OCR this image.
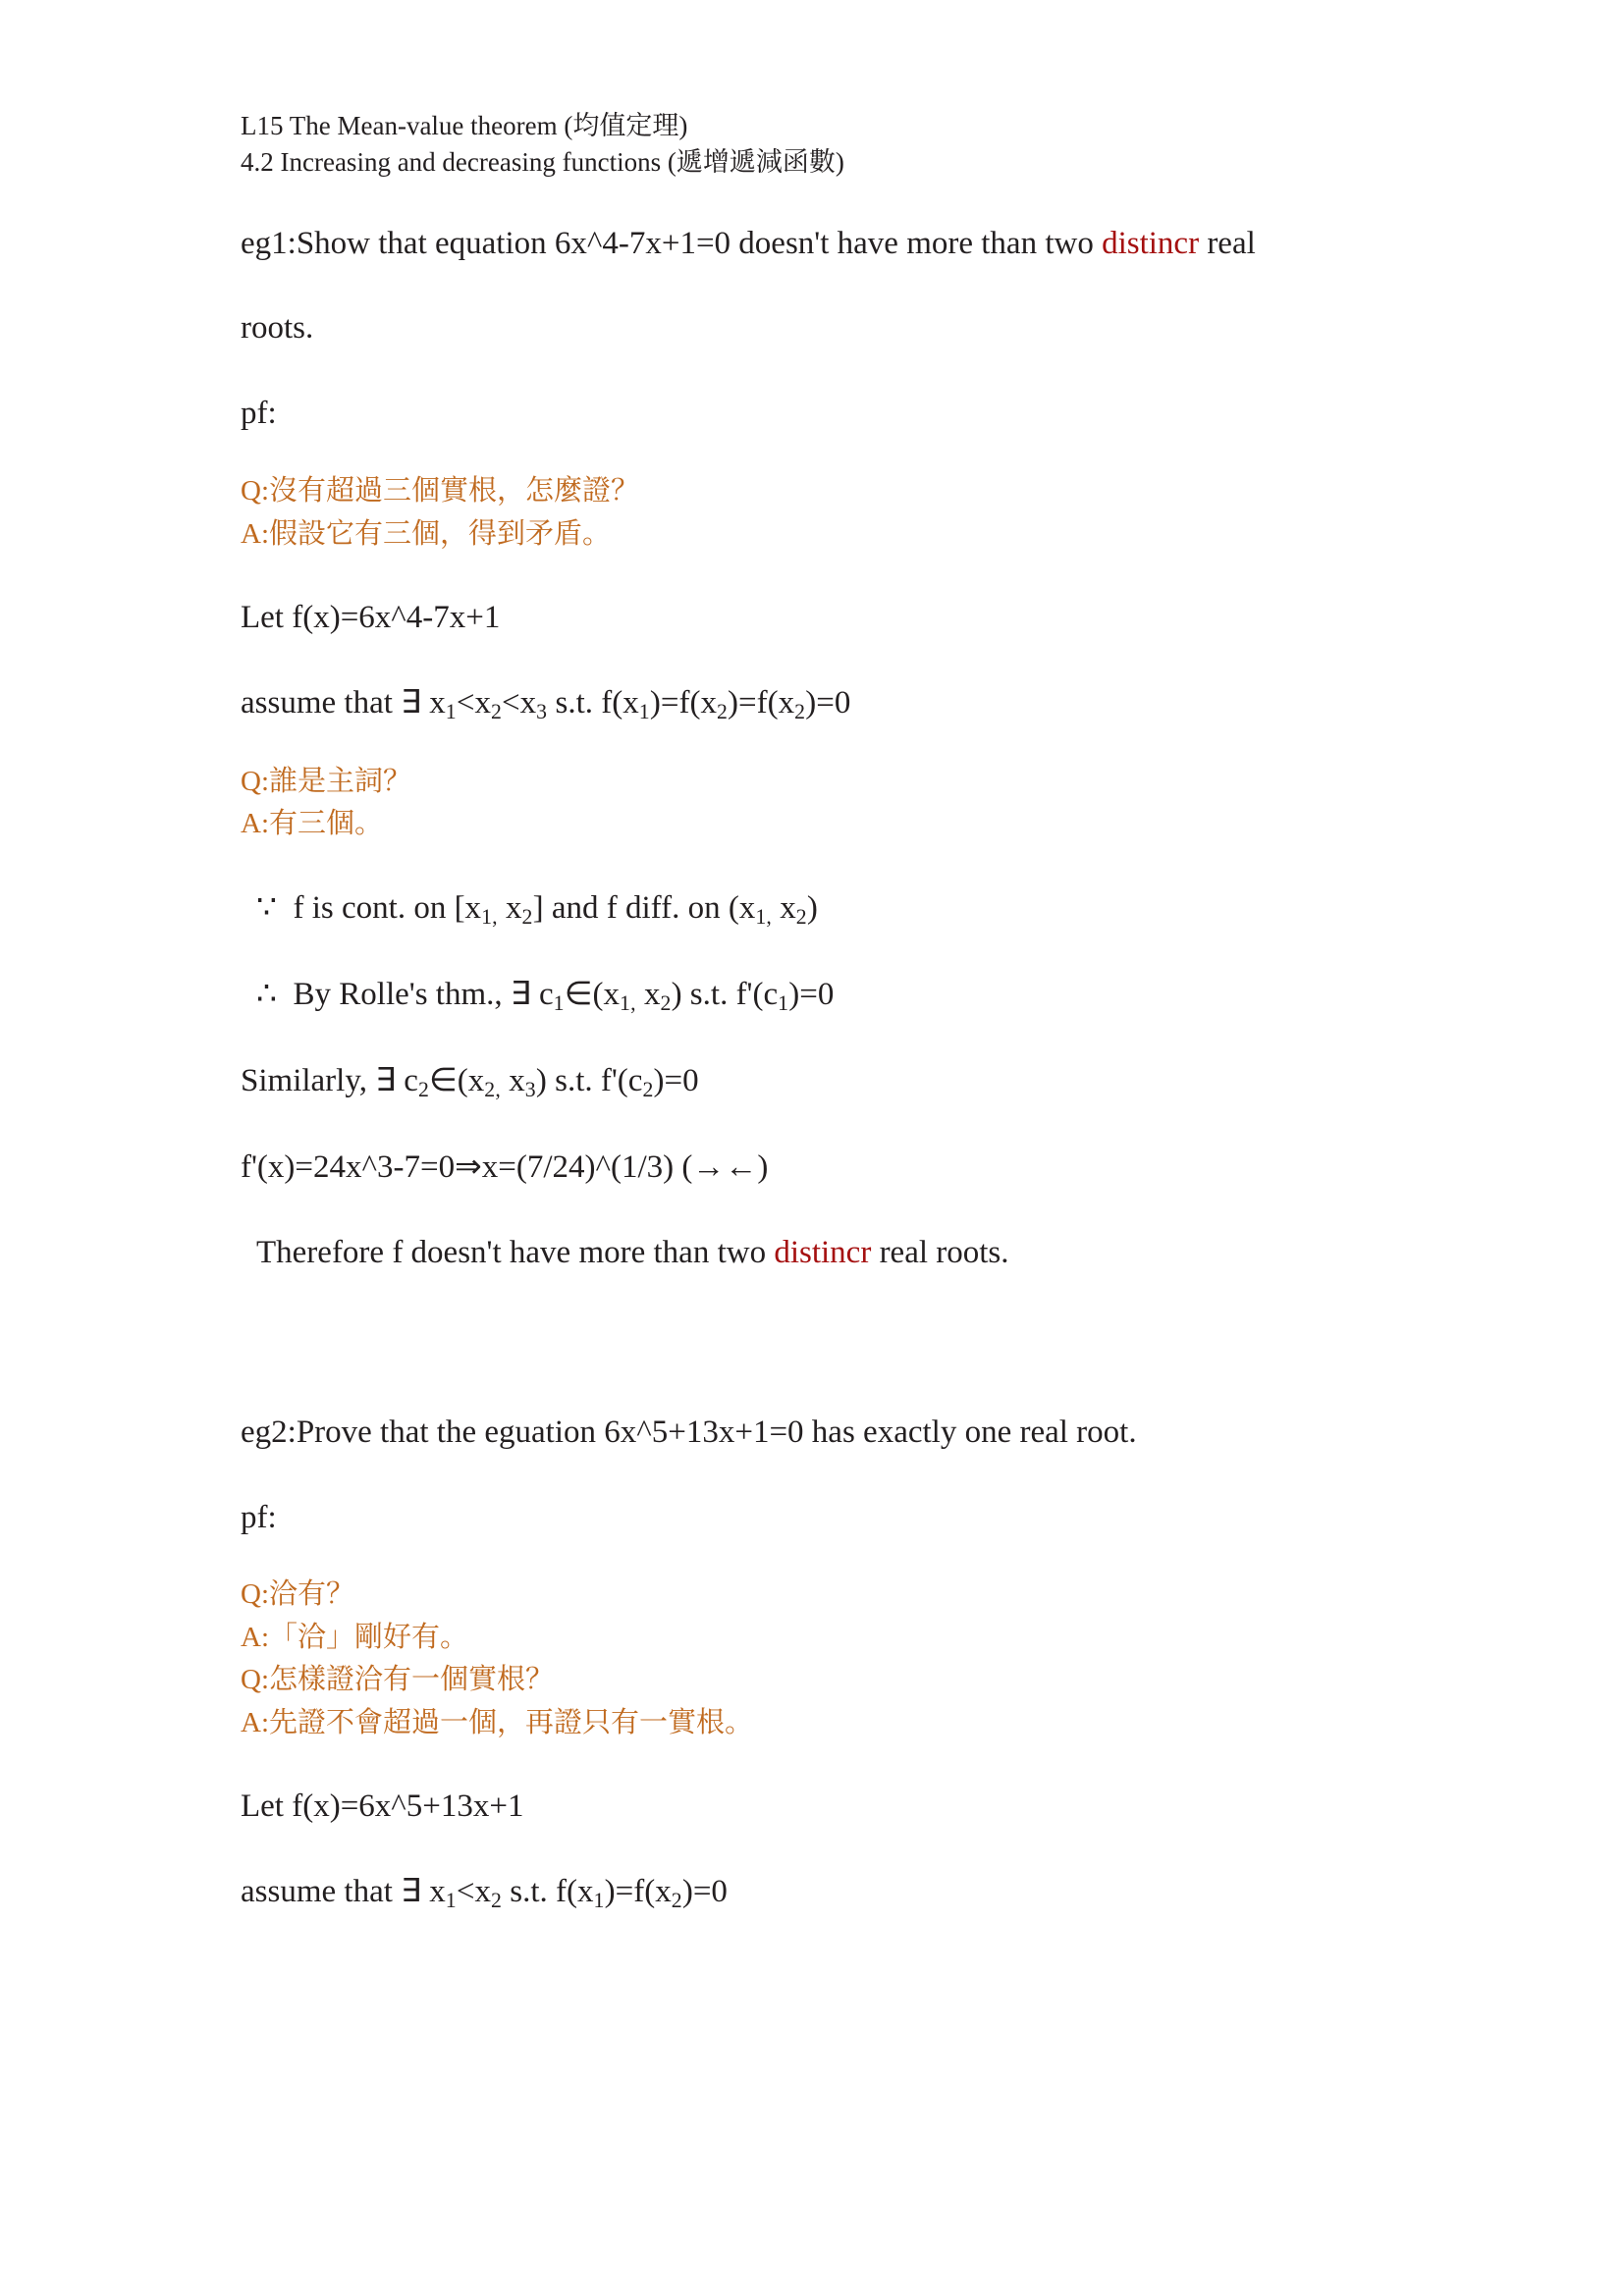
L15 The Mean-value theorem (均值定理)
4.2 Increasing and decreasing functions (遞增遞減函數)
eg1:Show that equation 6x^4-7x+1=0 doesn't have more than two distincr real
roots.
pf:
Q:沒有超過三個實根，怎麼證？
A:假設它有三個，得到矛盾。
Let f(x)=6x^4-7x+1
assume that ∃ $x_1<x_2<x_3$ s.t. $f(x_1)=f(x_2)=f(x_2)=0$
Q:誰是主詞？
A:有三個。
∵ f is cont. on [$x_{1,}$ $x_2$] and f diff. on ($x_{1,}$ $x_2$)
∴ By Rolle's thm., ∃ $c_1\in(x_{1,}$ $x_2$) s.t. $f'(c_1)=0$
Similarly, ∃ $c_2\in(x_{2,}$ $x_3$) s.t. $f'(c_2)=0$
f'(x)=24x^3-7=0⇒x=(7/24)^(1/3) (→←)
Therefore f doesn't have more than two distincr real roots.
eg2:Prove that the eguation 6x^5+13x+1=0 has exactly one real root.
pf:
Q:洽有？
A:「洽」剛好有。
Q:怎樣證洽有一個實根？
A:先證不會超過一個，再證只有一實根。
Let f(x)=6x^5+13x+1
assume that ∃ $x_1<x_2$ s.t. $f(x_1)=f(x_2)=0$
